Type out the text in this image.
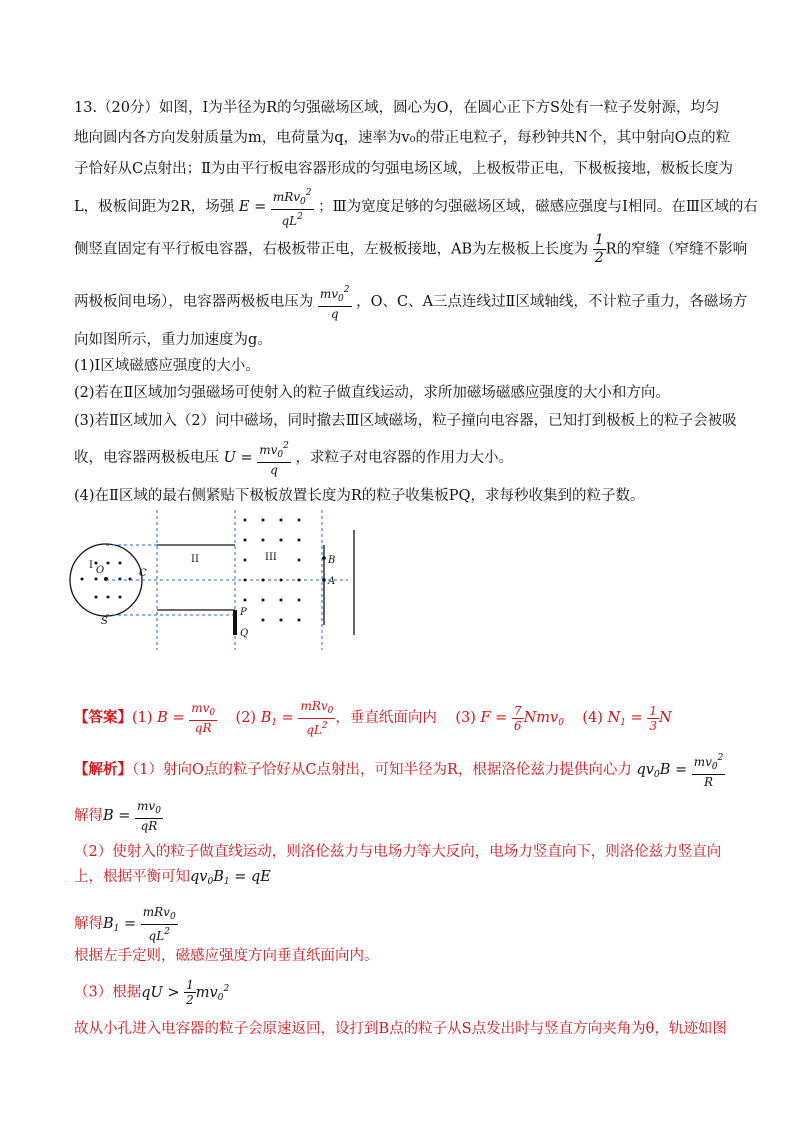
13.（20分）如图，Ⅰ为半径为R的匀强磁场区域，圆心为O，在圆心正下方S处有一粒子发射源，均匀
地向圆内各方向发射质量为m，电荷量为q，速率为v₀的带正电粒子，每秒钟共N个，其中射向O点的粒
子恰好从C点射出；Ⅱ为由平行板电容器形成的匀强电场区域，上极板带正电，下极板接地，极板长度为
L，极板间距为2R，场强 $E = \frac{mRv_0^2}{qL^2}$ ；Ⅲ为宽度足够的匀强磁场区域，磁感应强度与Ⅰ相同。在Ⅲ区域的右
侧竖直固定有平行板电容器，右极板带正电，左极板接地，AB为左极板上长度为 $\frac{1}{2}$ R的窄缝（窄缝不影响
两极板间电场），电容器两极板电压为 $\frac{mv_0^2}{q}$ ，O、C、A三点连线过Ⅱ区域轴线，不计粒子重力，各磁场方
向如图所示，重力加速度为g。
(1)Ⅰ区域磁感应强度的大小。
(2)若在Ⅱ区域加匀强磁场可使射入的粒子做直线运动，求所加磁场磁感应强度的大小和方向。
(3)若Ⅱ区域加入（2）问中磁场，同时撤去Ⅲ区域磁场，粒子撞向电容器，已知打到极板上的粒子会被吸
收，电容器两极板电压 $U = \frac{mv_0^2}{q}$ ，求粒子对电容器的作用力大小。
(4)在Ⅱ区域的最右侧紧贴下极板放置长度为R的粒子收集板PQ，求每秒收集到的粒子数。
I O	C
S
II	III	B
A
P
Q
【答案】(1) $B = \frac{mv_0}{qR} (2) B_1 = \frac{mRv_0}{qL^2}$ ，垂直纸面向内 (3) $F = \frac{7}{6} Nmv_0$ (4) $N_1 = \frac{1}{3}$ N
【解析】（1）射向O点的粒子恰好从C点射出，可知半径为R，根据洛伦兹力提供向心力 $qv_0B = \frac{mv_0^2}{R}$
解得$B = \frac{mv_0}{qR}$
（2）使射入的粒子做直线运动，则洛伦兹力与电场力等大反向，电场力竖直向下，则洛伦兹力竖直向
上，根据平衡可知$qv_0B_1$ = qE
解得$B_1 = \frac{mRv_0}{qL^2}$
根据左手定则，磁感应强度方向垂直纸面向内。
（3）根据qU > $\frac{1}{2} mv_0^2$
故从小孔进入电容器的粒子会原速返回，设打到B点的粒子从S点发出时与竖直方向夹角为θ，轨迹如图
